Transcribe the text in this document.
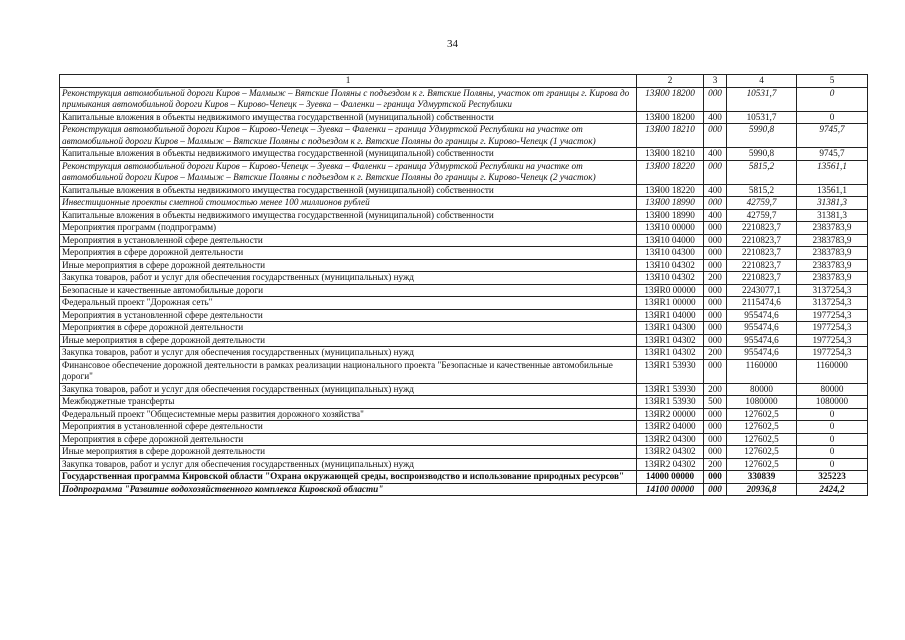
34
1	2	3	4	5
Реконструкция автомобильной дороги Киров – Малмыж – Вятские Поляны с подъездом к г. Вятские Поляны, участок от границы г. Кирова до примыкания автомобильной дороги Киров – Кирово-Чепецк – Зуевка – Фаленки – граница Удмуртской Республики	13Я00 18200	000	10531,7	0
Капитальные вложения в объекты недвижимого имущества государственной (муниципальной) собственности	13Я00 18200	400	10531,7	0
Реконструкция автомобильной дороги Киров – Кирово-Чепецк – Зуевка – Фаленки – граница Удмуртской Республики на участке от автомобильной дороги Киров – Малмыж – Вятские Поляны с подъездом к г. Вятские Поляны до границы г. Кирово-Чепецк (1 участок)	13Я00 18210	000	5990,8	9745,7
Капитальные вложения в объекты недвижимого имущества государственной (муниципальной) собственности	13Я00 18210	400	5990,8	9745,7
Реконструкция автомобильной дороги Киров – Кирово-Чепецк – Зуевка – Фаленки – граница Удмуртской Республики на участке от автомобильной дороги Киров – Малмыж – Вятские Поляны с подъездом к г. Вятские Поляны до границы г. Кирово-Чепецк (2 участок)	13Я00 18220	000	5815,2	13561,1
Капитальные вложения в объекты недвижимого имущества государственной (муниципальной) собственности	13Я00 18220	400	5815,2	13561,1
Инвестиционные проекты сметной стоимостью менее 100 миллионов рублей	13Я00 18990	000	42759,7	31381,3
Капитальные вложения в объекты недвижимого имущества государственной (муниципальной) собственности	13Я00 18990	400	42759,7	31381,3
Мероприятия программ (подпрограмм)	13Я10 00000	000	2210823,7	2383783,9
Мероприятия в установленной сфере деятельности	13Я10 04000	000	2210823,7	2383783,9
Мероприятия в сфере дорожной деятельности	13Я10 04300	000	2210823,7	2383783,9
Иные мероприятия в сфере дорожной деятельности	13Я10 04302	000	2210823,7	2383783,9
Закупка товаров, работ и услуг для обеспечения государственных (муниципальных) нужд	13Я10 04302	200	2210823,7	2383783,9
Безопасные и качественные автомобильные дороги	13ЯR0 00000	000	2243077,1	3137254,3
Федеральный проект "Дорожная сеть"	13ЯR1 00000	000	2115474,6	3137254,3
Мероприятия в установленной сфере деятельности	13ЯR1 04000	000	955474,6	1977254,3
Мероприятия в сфере дорожной деятельности	13ЯR1 04300	000	955474,6	1977254,3
Иные мероприятия в сфере дорожной деятельности	13ЯR1 04302	000	955474,6	1977254,3
Закупка товаров, работ и услуг для обеспечения государственных (муниципальных) нужд	13ЯR1 04302	200	955474,6	1977254,3
Финансовое обеспечение дорожной деятельности в рамках реализации национального проекта "Безопасные и качественные автомобильные дороги"	13ЯR1 53930	000	1160000	1160000
Закупка товаров, работ и услуг для обеспечения государственных (муниципальных) нужд	13ЯR1 53930	200	80000	80000
Межбюджетные трансферты	13ЯR1 53930	500	1080000	1080000
Федеральный проект "Общесистемные меры развития дорожного хозяйства"	13ЯR2 00000	000	127602,5	0
Мероприятия в установленной сфере деятельности	13ЯR2 04000	000	127602,5	0
Мероприятия в сфере дорожной деятельности	13ЯR2 04300	000	127602,5	0
Иные мероприятия в сфере дорожной деятельности	13ЯR2 04302	000	127602,5	0
Закупка товаров, работ и услуг для обеспечения государственных (муниципальных) нужд	13ЯR2 04302	200	127602,5	0
Государственная программа Кировской области "Охрана окружающей среды, воспроизводство и использование природных ресурсов"	14000 00000	000	330839	325223
Подпрограмма "Развитие водохозяйственного комплекса Кировской области"	14100 00000	000	20936,8	2424,2
